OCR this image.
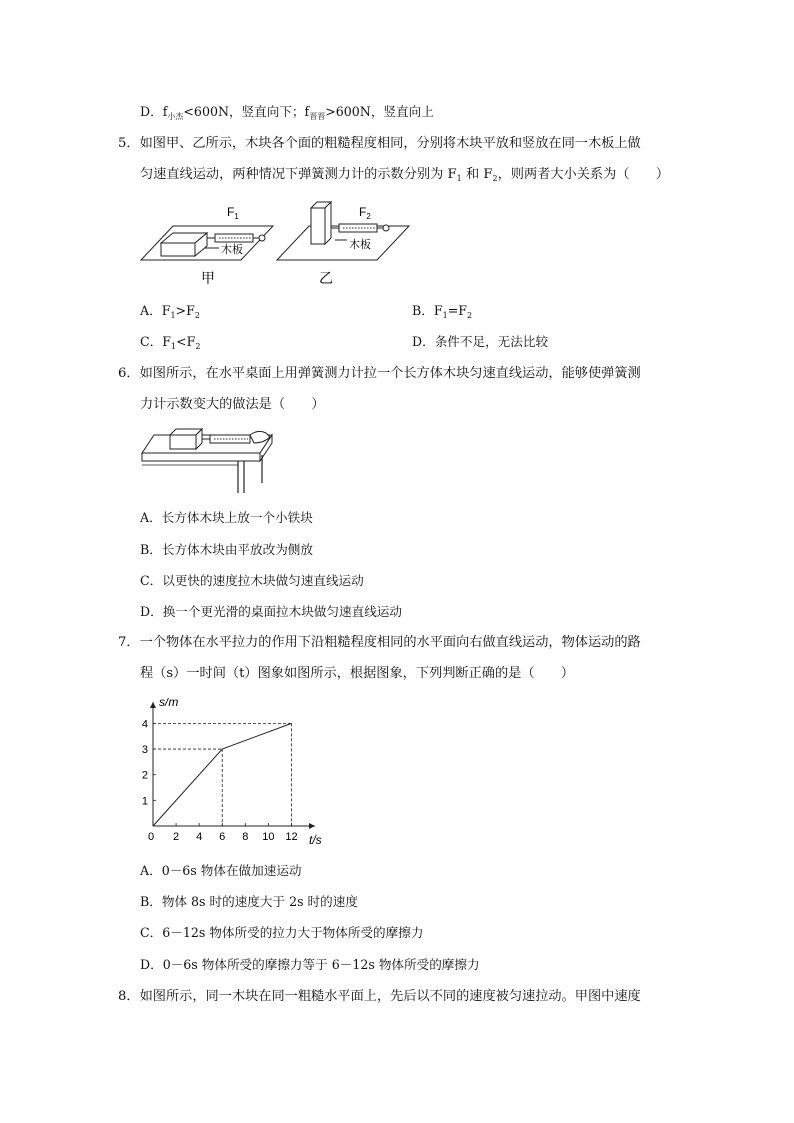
D．$f_{小杰}<600N$，竖直向下；$f_{晋晋}>600N$，竖直向上
5．如图甲、乙所示，木块各个面的粗糙程度相同，分别将木块平放和竖放在同一木板上做
匀速直线运动，两种情况下弹簧测力计的示数分别为 $F_1$ 和 $F_2$，则两者大小关系为（　　）
$F_1$
木板
甲
$F_2$
木板
乙
A．$F_1>F_2$	B．$F_1=F_2$
C．$F_1<F_2$	D．条件不足，无法比较
6．如图所示，在水平桌面上用弹簧测力计拉一个长方体木块匀速直线运动，能够使弹簧测
力计示数变大的做法是（　　）
A．长方体木块上放一个小铁块
B．长方体木块由平放改为侧放
C．以更快的速度拉木块做匀速直线运动
D．换一个更光滑的桌面拉木块做匀速直线运动
7．一个物体在水平拉力的作用下沿粗糙程度相同的水平面向右做直线运动，物体运动的路
程（s）一时间（t）图象如图所示，根据图象，下列判断正确的是（　　）
2 4 6 8 10 12
1
2
3
4
0
s/m
t/s
A．0－6s 物体在做加速运动
B．物体 8s 时的速度大于 2s 时的速度
C．6－12s 物体所受的拉力大于物体所受的摩擦力
D．0－6s 物体所受的摩擦力等于 6－12s 物体所受的摩擦力
8．如图所示，同一木块在同一粗糙水平面上，先后以不同的速度被匀速拉动。甲图中速度
